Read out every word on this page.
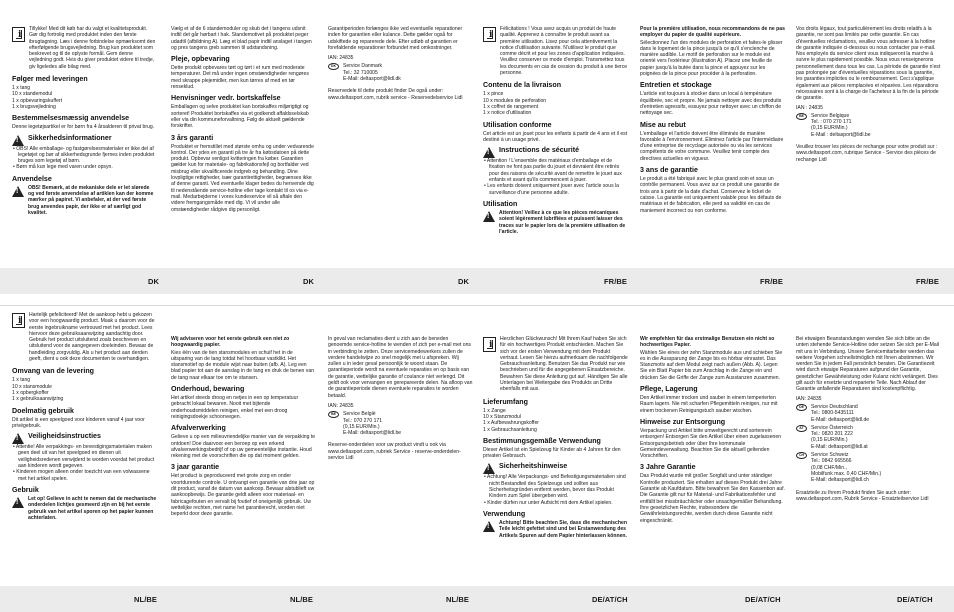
i
Tillykke! Med dit køb har du valgt et kvalitetsprodukt. Gør dig fortrolig med produktet inden den første ibrugtagning. Læs i denne forbindelse opmærksomt den efterfølgende brugsvejledning. Brug kun produktet som beskrevet og til de oplyste formål. Gem denne vejledning godt. Hvis du giver produktet videre til tredje, giv ligeledes alle bilag med.
Følger med leveringen
1 x tang
10 x standemodul
1 x opbevaringskuffert
1 x brugsvejledning
Bestemmelsesmæssig anvendelse
Denne legetøjsartikel er for børn fra 4 årsalderen til privat brug.
!
Sikkerhedsinformationer
• OBS! Alle emballage- og fastgørelsesmaterialer er ikke del af legetøjet og bør af sikkerhedsgrunde fjernes inden produktet bruges som legetøj af børn.
• Børn må kun lege med varen under opsyn.
Anvendelse
!
OBS! Bemærk, at de mekaniske dele er let slørede og ved første anvendelse af artiklen kan der komme mærker på papiret. Vi anbefaler, at der ved første brug anvendes papir, der ikke er af særligt god kvalitet.
Vælg et af de 6 standemoduler og skub det i tangens udsnit indtil det går hørbart i hak. Standemotivet på produktet peger udadtil (afbildning A). Læg et blad papir indtil anslaget i tangen og pres tangens greb sammen til udstandsning.
Pleje, opbevaring
Dette produkt opbevares tørt og tørt i et rum med moderate temperaturer. Det må under ingen omstændigheder rengøres med skrappe plejemidler, men kun tørres af med en tør renseklud.
Henvisninger vedr. bortskaffelse
Emballagen og selve produktet kan bortskaffes miljørigtigt og sorteret! Produktet bortskaffes via et godkendt affaldsselskab eller via din kommuneforvaltning. Følg de aktuelt gældende forskrifter.
3 års garanti
Produktet er fremstillet med største omhu og under vedvarende kontrol. Der ydes en garanti på tre år fra købsdatoen på dette produkt. Opbevar venligst kvitteringen fra køber. Garantien gælder kun for materiale- og fabrikationsfejl og bortfalder ved misbrug eller ukvalificerede indgreb og behandling. Dine lovpligtige rettigheder, især garantirettigheder, begrænses ikke af denne garanti. Ved eventuelle klager bedes du henvende dig til nedenstående service-hotline eller tage kontakt til os via e-mail. Medarbejderne i vores kundeservice vil så aftale den videre fremgangsmåde med dig. Vi vil under alle omstændigheder rådgive dig personligt.
Garantiperioden forlænges ikke ved eventuelle reparationer inden for garantien eller kulance. Dette gælder også for udskiftede og reparerede dele. Efter udløb af garantien er forefaldende reparationer forbundet med omkostninger.
IAN: 24835
DK	Service Danmark
Tel.: 32 710005
E-Mail: deltasport@lidl.dk
Reservedele til dette produkt finder De også under: www.deltasport.com, rubrik service - Reservedelservice Lidl
i
Félicitations ! Vous avez acquis un produit de haute qualité. Apprenez à connaître le produit avant sa première utilisation. Lisez pour cela attentivement la notice d'utilisation suivante. N'utilisez le produit que comme décrit et pour les zones d'application indiquées. Veuillez conserver ce mode d'emploi. Transmettez tous les documents en cas de cession du produit à une tierce personne.
Contenu de la livraison
1 x pince
10 x modules de perforation
1 x coffret de rangement
1 x notice d'utilisation
Utilisation conforme
Cet article est un jouet pour les enfants à partir de 4 ans et il est destiné à un usage privé.
!
Instructions de sécurité
• Attention ! L'ensemble des matériaux d'emballage et de fixation ne font pas partie du jouet et devraient être retirés pour des raisons de sécurité avant de remettre le jouet aux enfants et avant qu'ils commencent à jouer.
• Les enfants doivent uniquement jouer avec l'article sous la surveillance d'une personne adulte.
Utilisation
!
Attention! Veillez à ce que les pièces mécaniques soient légèrement lubrifiées et puissent laisser des traces sur le papier lors de la première utilisation de l'article.
Pour la première utilisation, nous recommandons de ne pas employer du papier de qualité supérieure.
Sélectionnez l'un des modules de perforation et faites-le glisser dans le logement de la pince jusqu'à ce qu'il s'enclenche de manière audible. Le motif de perforation sur le module est orienté vers l'extérieur (illustration A). Placez une feuille de papier jusqu'à la butée dans la pince et appuyez sur les poignées de la pince pour procéder à la perforation.
Entretien et stockage
L'article est toujours à stocker dans un local à température équilibrée, sec et propre. Ne jamais nettoyer avec des produits d'entretien agressifs, essuyez pour nettoyer avec un chiffon de nettoyage sec.
Mise au rebut
L'emballage et l'article doivent être éliminés de manière favorable à l'environnement. Éliminez l'article par l'intermédiaire d'une entreprise de recyclage autorisée ou via les services compétents de votre commune. Veuillez tenir compte des directives actuelles en vigueur.
3 ans de garantie
Le produit a été fabriqué avec le plus grand soin et sous un contrôle permanent. Vous avez sur ce produit une garantie de trois ans à partir de la date d'achat. Conservez le ticket de caisse. La garantie est uniquement valable pour les défauts de matériaux et de fabrication, elle perd sa validité en cas de maniement incorrect ou non conforme.
Vos droits légaux, tout particulièrement les droits relatifs à la garantie, ne sont pas limités par cette garantie. En cas d'éventuelles réclamations, veuillez vous adresser à la hotline de garantie indiquée ci-dessous ou nous contacter par e-mail. Nos employés du service client vous indiqueront la marche à suivre le plus rapidement possible. Nous vous renseignerons personnellement dans tous les cas. La période de garantie n'est pas prolongée par d'éventuelles réparations sous la garantie, les garanties implicites ou le remboursement. Ceci s'applique également aux pièces remplacées et réparées. Les réparations nécessaires sont à la charge de l'acheteur à la fin de la période de garantie.
IAN : 24835
BE	Service Belgique
Tel. : 070 270 171
(0,15 EUR/Min.)
E-Mail : deltasport@lidl.be
Veuillez trouver les pièces de rechange pour votre produit sur : www.deltasport.com, rubrique Service - Service des pièces de rechange Lidl
DK	DK	DK	FR/BE	FR/BE	FR/BE
i
Hartelijk gefeliciteerd! Met de aankoop hebt u gekozen voor een hoogwaardig product. Maak u daarom voor de eerste ingebruikname vertrouwd met het product. Lees hiervoor deze gebruiksaanwijzing aandachtig door. Gebruik het product uitsluitend zoals beschreven en uitsluitend voor de aangegeven doeleinden. Bewaar de handleiding zorgvuldig. Als u het product aan derden geeft, dient u ook deze documenten te overhandigen.
Omvang van de levering
1 x tang
10 x stansmodule
1 x opbergkoffer
1 x gebruiksaanwijzing
Doelmatig gebruik
Dit artikel is een speelgoed voor kinderen vanaf 4 jaar voor privégebruik.
!
Veiligheidsinstructies
• Attentie! Alle verpakkings- en bevestigingsmaterialen maken geen deel uit van het speelgoed en dienen uit veiligheidsredenen verwijderd te worden voordat het product aan kinderen wordt gegeven.
• Kinderen mogen alleen onder toezicht van een volwassene met het artikel spelen.
Gebruik
!
Let op! Gelieve in acht te nemen dat de mechanische onderdelen lichtjes gesmeerd zijn en bij het eerste gebruik van het artikel sporen op het papier kunnen achterlaten.
Wij adviseren voor het eerste gebruik een niet zo hoogwaardig papier.
Kies één van de tien stansmodules en schuif het in de uitsparing van de tang totdat het hoorbaar vastklikt. Het stansmotief op de module wijst naar buiten (afb. A). Leg een blad papier tot aan de aanslag in de tang en druk de benen van de tang naar elkaar toe om te stansen.
Onderhoud, bewaring
Het artikel steeds droog en netjes in een op temperatuur gebracht lokaal bewaren. Nooit met bijtende onderhoudsmiddelen reinigen, enkel met een droog reinigingsdoekje schoonvegen.
Afvalverwerking
Gelieve u op een milieuvriendelijke manier van de verpakking te ontdoen! Doe daarvoor een beroep op een erkend afvalverwerkingsbedrijf of op uw gemeentelijke instantie. Houd rekening met de voorschriften die op dat moment gelden.
3 jaar garantie
Het product is geproduceerd met grote zorg en onder voortdurende controle. U ontvangt een garantie van drie jaar op dit product, vanaf de datum van aankoop. Bewaar alstublieft uw aankoopbewijs. De garantie geldt alleen voor materiaal- en fabricagefouten en vervalt bij foutief of oneigenlijk gebruik. Uw wettelijke rechten, met name het garantierecht, worden niet beperkt door deze garantie.
In geval van reclamaties dient u zich aan de beneden genoemde service-hotline te wenden of zich per e-mail met ons in verbinding te zetten. Onze servicemedewerkers zullen de verdere handelwijze zo snel mogelijk met u afspreken. Wij zullen u in ieder geval persoonlijk te woord staan. De garantieperiode wordt na eventuele reparaties en op basis van de garantie, wettelijke garantie of coulance niet verlengd. Dit geldt ook voor vervangen en gerepareerde delen. Na afloop van de garantieperiode dienen eventuele reparaties te worden betaald.
IAN: 24835
BE	Service België
Tel.: 070 270 171
(0,15 EUR/Min.)
E-Mail: deltasport@lidl.be
Reserve-onderdelen voor uw product vindt u ook via www.deltasport.com, rubriek Service - reserve-onderdelen-service Lidl
i
Herzlichen Glückwunsch! Mit Ihrem Kauf haben Sie sich für ein hochwertiges Produkt entschieden. Machen Sie sich vor der ersten Verwendung mit dem Produkt vertraut. Lesen Sie hierzu aufmerksam die nachfolgende Gebrauchsanleitung. Benutzen Sie das Produkt nur wie beschrieben und für die angegebenen Einsatzbereiche. Bewahren Sie diese Anleitung gut auf. Händigen Sie alle Unterlagen bei Weitergabe des Produkts an Dritte ebenfalls mit aus.
Lieferumfang
1 x Zange
10 x Stanzmodul
1 x Aufbewahrungskoffer
1 x Gebrauchsanleitung
Bestimmungsgemäße Verwendung
Dieser Artikel ist ein Spielzeug für Kinder ab 4 Jahren für den privaten Gebrauch.
!
Sicherheitshinweise
• Achtung! Alle Verpackungs- und Befestigungsmaterialien sind nicht Bestandteil des Spielzeugs und sollten aus Sicherheitsgründen entfernt werden, bevor das Produkt Kindern zum Spiel übergeben wird.
• Kinder dürfen nur unter Aufsicht mit dem Artikel spielen.
Verwendung
!
Achtung! Bitte beachten Sie, dass die mechanischen Teile leicht gefettet sind und bei Erstanwendung des Artikels Spuren auf dem Papier hinterlassen können.
Wir empfehlen für das erstmalige Benutzen ein nicht so hochwertiges Papier.
Wählen Sie eines der zehn Stanzmodule aus und schieben Sie es in die Aussparung der Zange bis es hörbar einrastet. Das Stanzmotiv auf dem Modul zeigt nach außen (Abb. A). Legen Sie ein Blatt Papier bis zum Anschlag in die Zange ein und drücken Sie die Griffe der Zange zum Ausstanzen zusammen.
Pflege, Lagerung
Den Artikel immer trocken und sauber in einem temperierten Raum lagern. Nie mit scharfen Pflegemitteln reinigen, nur mit einem trockenen Reinigungstuch sauber wischen.
Hinweise zur Entsorgung
Verpackung und Artikel bitte umweltgerecht und sortenrein entsorgen! Entsorgen Sie den Artikel über einen zugelassenen Entsorgungsbetrieb oder über Ihre kommunale Gemeindeverwaltung. Beachten Sie die aktuell geltenden Vorschriften.
3 Jahre Garantie
Das Produkt wurde mit großer Sorgfalt und unter ständiger Kontrolle produziert. Sie erhalten auf dieses Produkt drei Jahre Garantie ab Kaufdatum. Bitte bewahren Sie den Kassenbon auf. Die Garantie gilt nur für Material- und Fabrikationsfehler und entfällt bei missbräuchlicher oder unsachgemäßer Behandlung. Ihre gesetzlichen Rechte, insbesondere die Gewährleistungsrechte, werden durch diese Garantie nicht eingeschränkt.
Bei etwaigen Beanstandungen wenden Sie sich bitte an die unten stehende Service-Hotline oder setzen Sie sich per E-Mail mit uns in Verbindung. Unsere Servicemitarbeiter werden das weitere Vorgehen schnellstmöglich mit Ihnen abstimmen. Wir werden Sie in jedem Fall persönlich beraten. Die Garantiezeit wird durch etwaige Reparaturen aufgrund der Garantie, gesetzlicher Gewährleistung oder Kulanz nicht verlängert. Dies gilt auch für ersetzte und reparierte Teile. Nach Ablauf der Garantie anfallende Reparaturen sind kostenpflichtig.
IAN: 24835
DE	Service Deutschland
Tel.: 0800-5435111
E-Mail: deltasport@lidl.de
AT	Service Österreich
Tel.: 0820 201 222
(0,15 EUR/Min.)
E-Mail: deltasport@lidl.at
CH	Service Schweiz
Tel.: 0842 665566
(0,08 CHF/Min.,
Mobilfunk max. 0,40 CHF/Min.)
E-Mail: deltasport@lidl.ch
Ersatzteile zu Ihrem Produkt finden Sie auch unter: www.deltasport.com, Rubrik Service - Ersatzteilservice Lidl
NL/BE	NL/BE	NL/BE	DE/AT/CH	DE/AT/CH	DE/AT/CH
